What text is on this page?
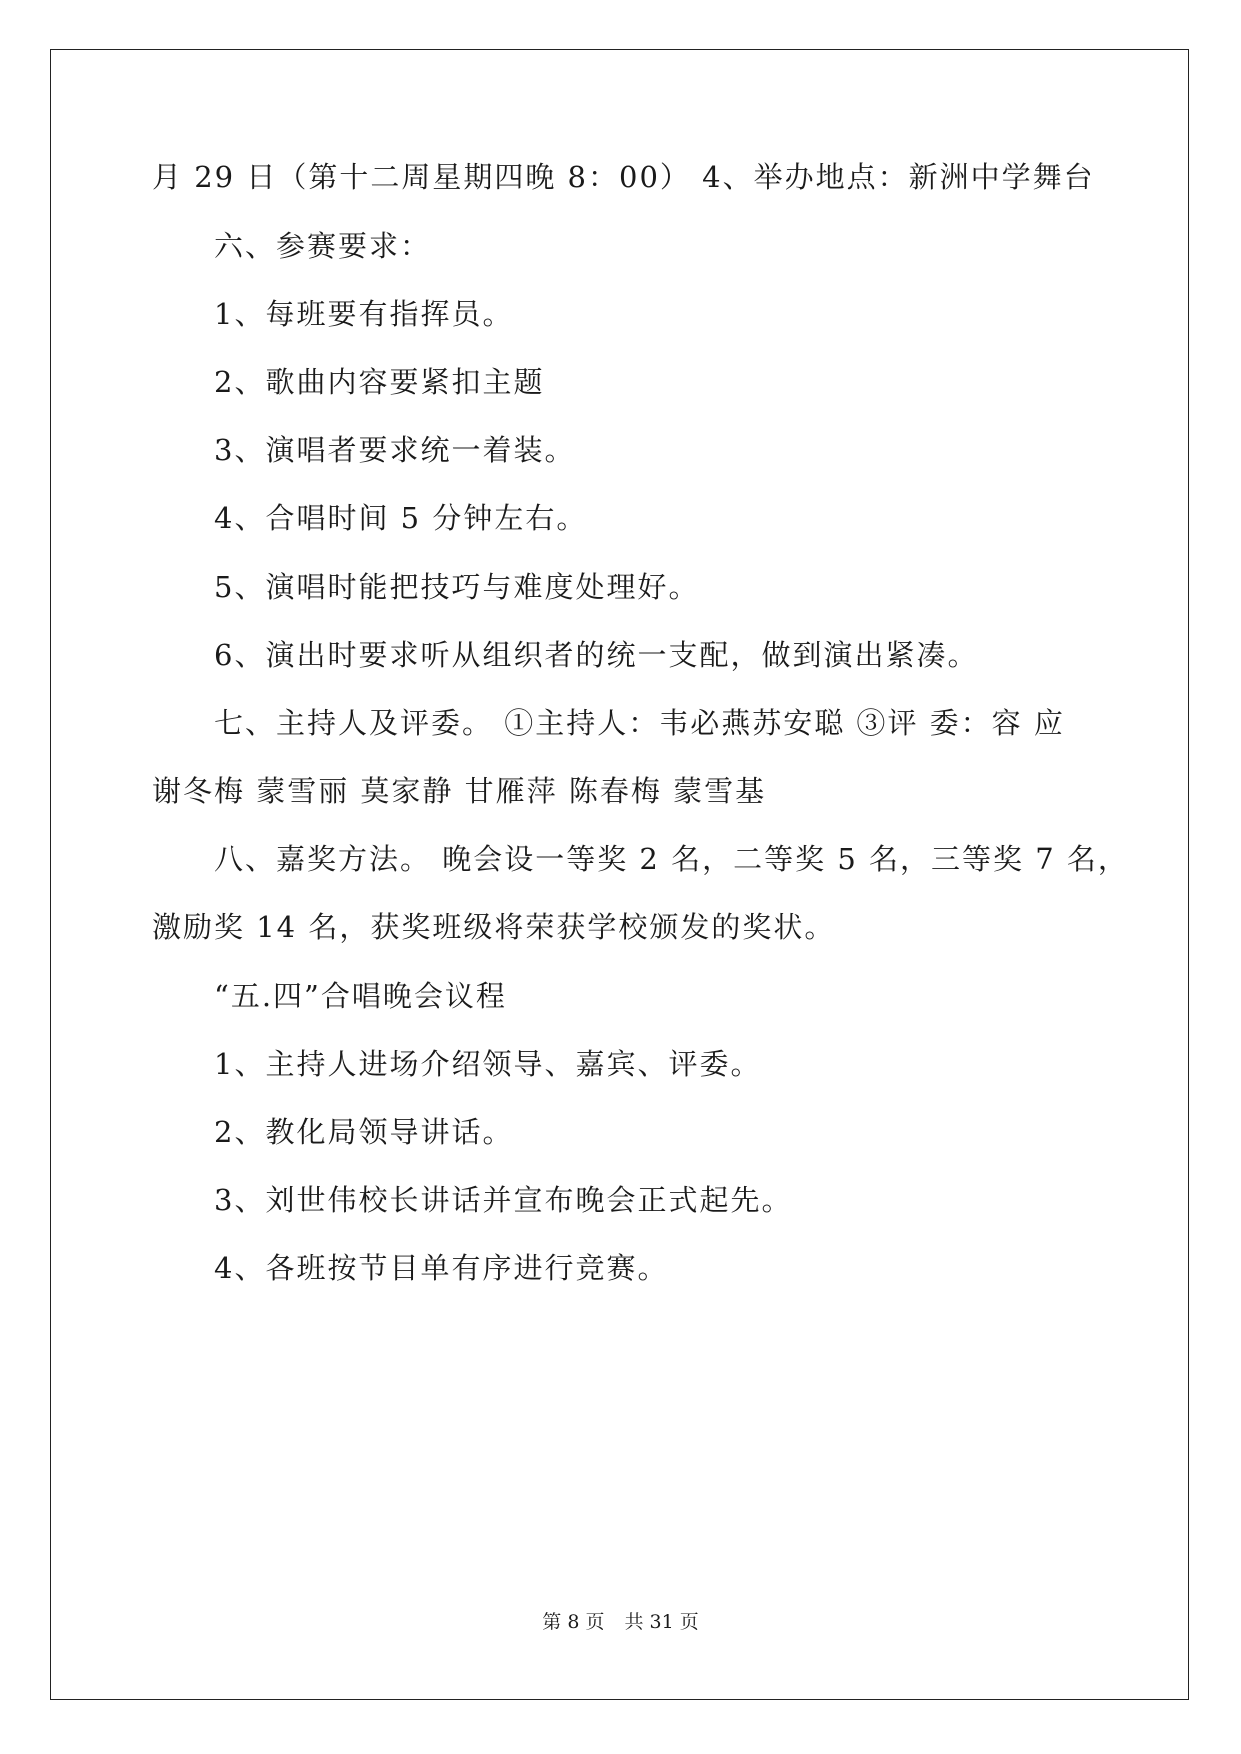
月 29 日（第十二周星期四晚 8：00） 4、举办地点：新洲中学舞台
六、参赛要求：
1、每班要有指挥员。
2、歌曲内容要紧扣主题
3、演唱者要求统一着装。
4、合唱时间 5 分钟左右。
5、演唱时能把技巧与难度处理好。
6、演出时要求听从组织者的统一支配，做到演出紧凑。
七、主持人及评委。 ①主持人：韦必燕苏安聪 ③评 委：容 应
谢冬梅 蒙雪丽 莫家静 甘雁萍 陈春梅 蒙雪基
八、嘉奖方法。 晚会设一等奖 2 名，二等奖 5 名，三等奖 7 名，
激励奖 14 名，获奖班级将荣获学校颁发的奖状。
“五.四”合唱晚会议程
1、主持人进场介绍领导、嘉宾、评委。
2、教化局领导讲话。
3、刘世伟校长讲话并宣布晚会正式起先。
4、各班按节目单有序进行竞赛。
第 8 页 共 31 页
